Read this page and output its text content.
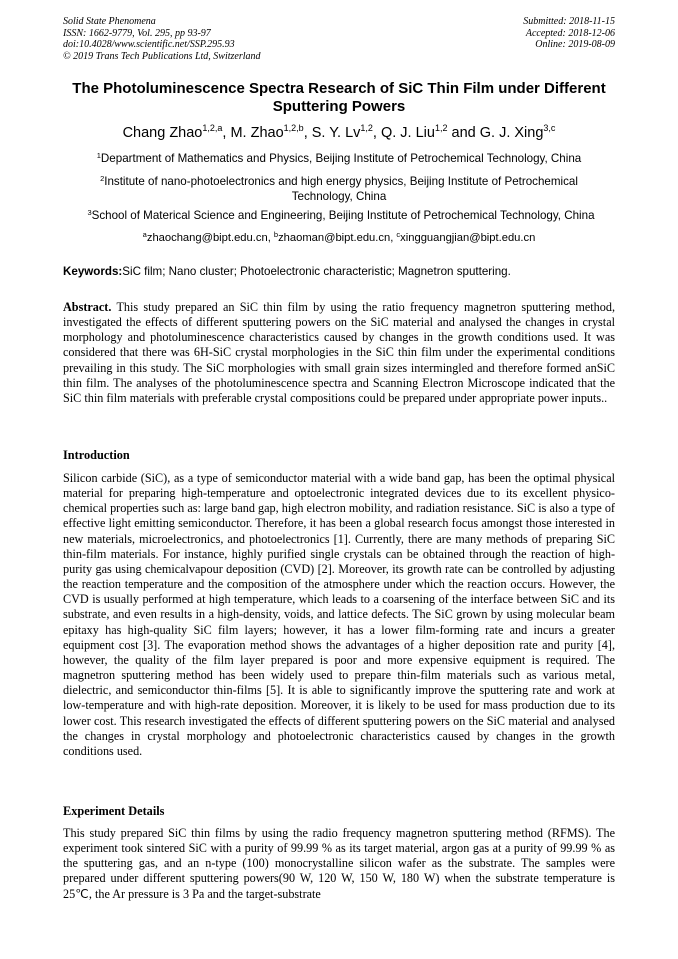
Solid State Phenomena
ISSN: 1662-9779, Vol. 295, pp 93-97
doi:10.4028/www.scientific.net/SSP.295.93
© 2019 Trans Tech Publications Ltd, Switzerland
Submitted: 2018-11-15
Accepted: 2018-12-06
Online: 2019-08-09
The Photoluminescence Spectra Research of SiC Thin Film under Different Sputtering Powers
Chang Zhao$^{1,2,a}$, M. Zhao$^{1,2,b}$, S. Y. Lv$^{1,2}$, Q. J. Liu$^{1,2}$ and G. J. Xing$^{3,c}$
$^1$Department of Mathematics and Physics, Beijing Institute of Petrochemical Technology, China
$^2$Institute of nano-photoelectronics and high energy physics, Beijing Institute of Petrochemical Technology, China
$^3$School of Materical Science and Engineering, Beijing Institute of Petrochemical Technology, China
$^a$zhaochang@bipt.edu.cn, $^b$zhaoman@bipt.edu.cn, $^c$xingguangjian@bipt.edu.cn
Keywords:SiC film; Nano cluster; Photoelectronic characteristic; Magnetron sputtering.
Abstract. This study prepared an SiC thin film by using the ratio frequency magnetron sputtering method, investigated the effects of different sputtering powers on the SiC material and analysed the changes in crystal morphology and photoluminescence characteristics caused by changes in the growth conditions used. It was considered that there was 6H-SiC crystal morphologies in the SiC thin film under the experimental conditions prevailing in this study. The SiC morphologies with small grain sizes intermingled and therefore formed anSiC thin film. The analyses of the photoluminescence spectra and Scanning Electron Microscope indicated that the SiC thin film materials with preferable crystal compositions could be prepared under appropriate power inputs..
Introduction
Silicon carbide (SiC), as a type of semiconductor material with a wide band gap, has been the optimal physical material for preparing high-temperature and optoelectronic integrated devices due to its excellent physico-chemical properties such as: large band gap, high electron mobility, and radiation resistance. SiC is also a type of effective light emitting semiconductor. Therefore, it has been a global research focus amongst those interested in new materials, microelectronics, and photoelectronics [1]. Currently, there are many methods of preparing SiC thin-film materials. For instance, highly purified single crystals can be obtained through the reaction of high-purity gas using chemicalvapour deposition (CVD) [2]. Moreover, its growth rate can be controlled by adjusting the reaction temperature and the composition of the atmosphere under which the reaction occurs. However, the CVD is usually performed at high temperature, which leads to a coarsening of the interface between SiC and its substrate, and even results in a high-density, voids, and lattice defects. The SiC grown by using molecular beam epitaxy has high-quality SiC film layers; however, it has a lower film-forming rate and incurs a greater equipment cost [3]. The evaporation method shows the advantages of a higher deposition rate and purity [4], however, the quality of the film layer prepared is poor and more expensive equipment is required. The magnetron sputtering method has been widely used to prepare thin-film materials such as various metal, dielectric, and semiconductor thin-films [5]. It is able to significantly improve the sputtering rate and work at low-temperature and with high-rate deposition. Moreover, it is likely to be used for mass production due to its lower cost. This research investigated the effects of different sputtering powers on the SiC material and analysed the changes in crystal morphology and photoelectronic characteristics caused by changes in the growth conditions used.
Experiment Details
This study prepared SiC thin films by using the radio frequency magnetron sputtering method (RFMS). The experiment took sintered SiC with a purity of 99.99 % as its target material, argon gas at a purity of 99.99 % as the sputtering gas, and an n-type (100) monocrystalline silicon wafer as the substrate. The samples were prepared under different sputtering powers(90 W, 120 W, 150 W, 180 W) when the substrate temperature is 25℃, the Ar pressure is 3 Pa and the target-substrate
